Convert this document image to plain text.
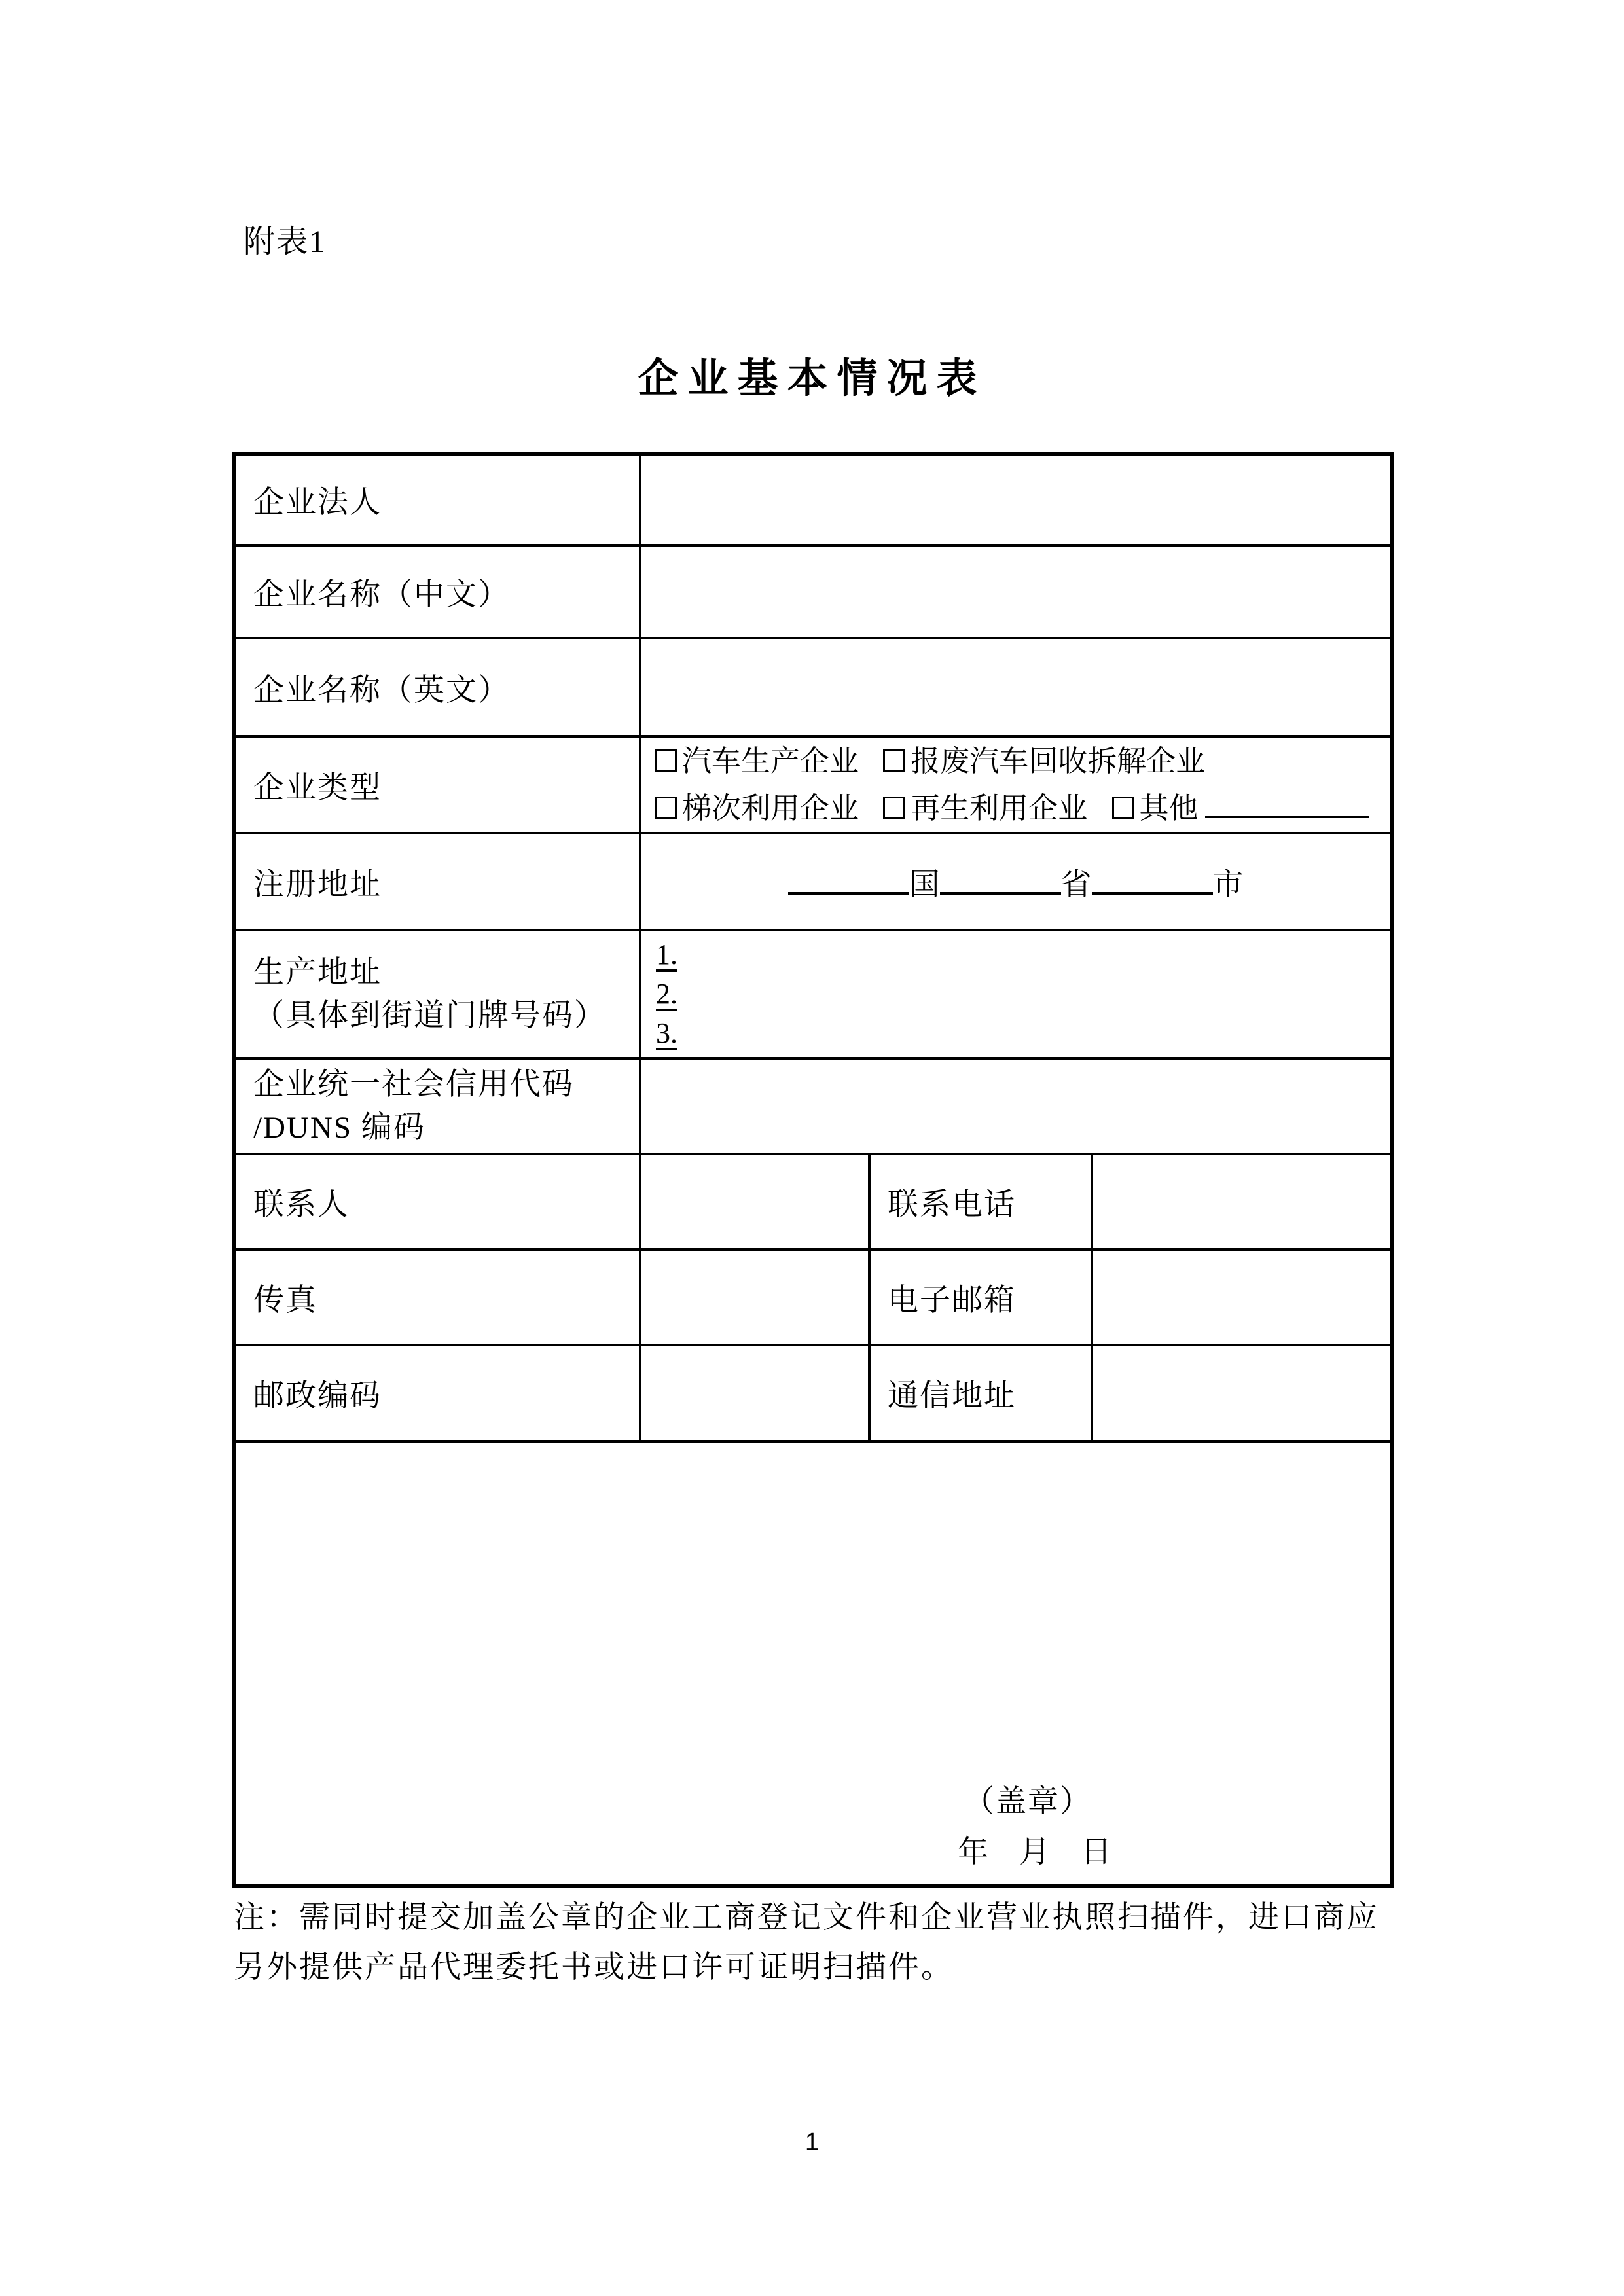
附表1
企业基本情况表
企业法人			
企业名称（中文）			
企业名称（英文）			
企业类型	汽车生产企业 报废汽车回收拆解企业
梯次利用企业 再生利用企业 其他		

注册地址	国 省 市		

生产地址
（具体到街道门牌号码）

1.
2.
3.

企业统一社会信用代码
/DUNS 编码			

联系人		联系电话	
传真		电子邮箱	
邮政编码		通信地址	

（盖章）
年　月　日			
注：需同时提交加盖公章的企业工商登记文件和企业营业执照扫描件，进口商应
另外提供产品代理委托书或进口许可证明扫描件。
1
